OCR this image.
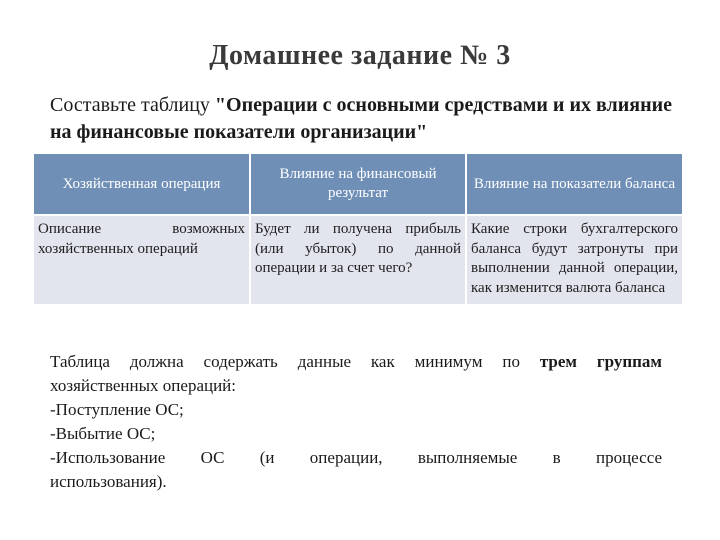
Домашнее задание № 3
Составьте таблицу "Операции с основными средствами и их влияние на финансовые показатели организации"
Хозяйственная операция	Влияние на финансовый результат	Влияние на показатели баланса
Описание возможных хозяйственных операций	Будет ли получена прибыль (или убыток) по данной операции и за счет чего?	Какие строки бухгалтерского баланса будут затронуты при выполнении данной операции, как изменится валюта баланса

Таблица должна содержать данные как минимум по трем группам

хозяйственных операций:

-Поступление ОС;

-Выбытие ОС;

-Использование ОС (и операции, выполняемые в процессе

использования).
